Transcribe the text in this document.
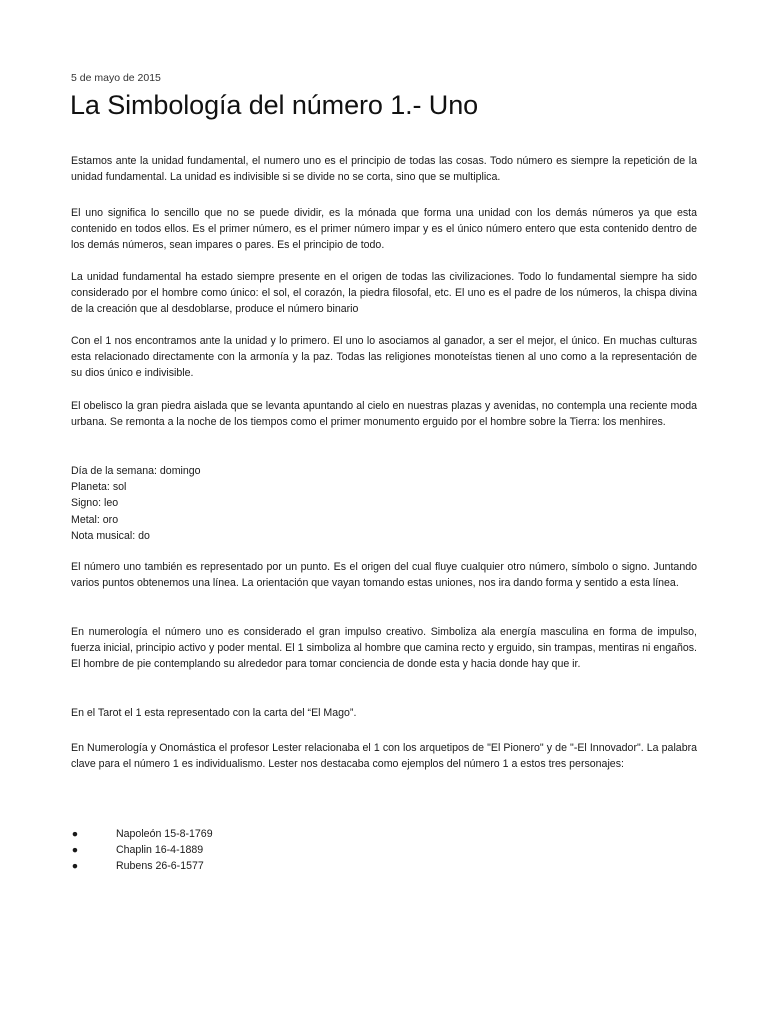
5 de mayo de 2015
La Simbología del número 1.- Uno

Estamos ante la unidad fundamental, el numero uno es el principio de todas las cosas. Todo número es siempre la repetición de la unidad fundamental. La unidad es indivisible si se divide no se corta, sino que se multiplica.

El uno significa lo sencillo que no se puede dividir, es la mónada que forma una unidad con los demás números ya que esta contenido en todos ellos. Es el primer número, es el primer número impar y es el único número entero que esta contenido dentro de los demás números, sean impares o pares. Es el principio de todo.

La unidad fundamental ha estado siempre presente en el origen de todas las civilizaciones. Todo lo fundamental siempre ha sido considerado por el hombre como único: el sol, el corazón, la piedra filosofal, etc. El uno es el padre de los números, la chispa divina de la creación que al desdoblarse, produce el número binario

Con el 1 nos encontramos ante la unidad y lo primero. El uno lo asociamos al ganador, a ser el mejor, el único. En muchas culturas esta relacionado directamente con la armonía y la paz. Todas las religiones monoteístas tienen al uno como a la representación de su dios único e indivisible.

El obelisco la gran piedra aislada que se levanta apuntando al cielo en nuestras plazas y avenidas, no contempla una reciente moda urbana. Se remonta a la noche de los tiempos como el primer monumento erguido por el hombre sobre la Tierra: los menhires.

Día de la semana: domingo
Planeta: sol
Signo: leo
Metal: oro
Nota musical: do

El número uno también es representado por un punto. Es el origen del cual fluye cualquier otro número, símbolo o signo. Juntando varios puntos obtenemos una línea. La orientación que vayan tomando estas uniones, nos ira dando forma y sentido a esta línea.

En numerología el número uno es considerado el gran impulso creativo. Simboliza ala energía masculina en forma de impulso, fuerza inicial, principio activo y poder mental. El 1 simboliza al hombre que camina recto y erguido, sin trampas, mentiras ni engaños. El hombre de pie contemplando su alrededor para tomar conciencia de donde esta y hacia donde hay que ir.

En el Tarot el 1 esta representado con la carta del “El Mago”.

En Numerología y Onomástica el profesor Lester relacionaba el 1 con los arquetipos de "El Pionero" y de "-El Innovador". La palabra clave para el número 1 es individualismo. Lester nos destacaba como ejemplos del número 1 a estos tres personajes:

●	Napoleón 15-8-1769
●	Chaplin 16-4-1889
●	Rubens 26-6-1577
